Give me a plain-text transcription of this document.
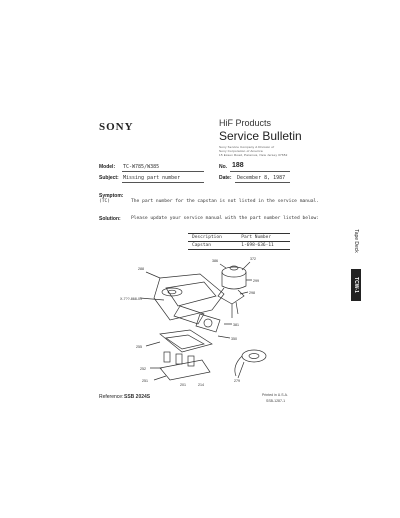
SONY	HiF Products
Service Bulletin
Sony Service Company A Division of
Sony Corporation of America
15 Essex Road, Paramus, New Jersey 07652
Model: TC-W785/W385	No. 188
Subject: Missing part number	Date: December 8, 1987
Symptom:
(TC)	The part number for the capstan is not listed in the service manual.
Solution: Please update your service manual with the part number listed below:
Description	Part Number
Capstan	1-698-636-11	Tape Deck
TCW-1
386	372
299
298
288
X-7??-868-01
381
350
255
252
251	279
201	214
Reference: SSB 2024S	Printed in U.S.A.
SSB-1287-1
